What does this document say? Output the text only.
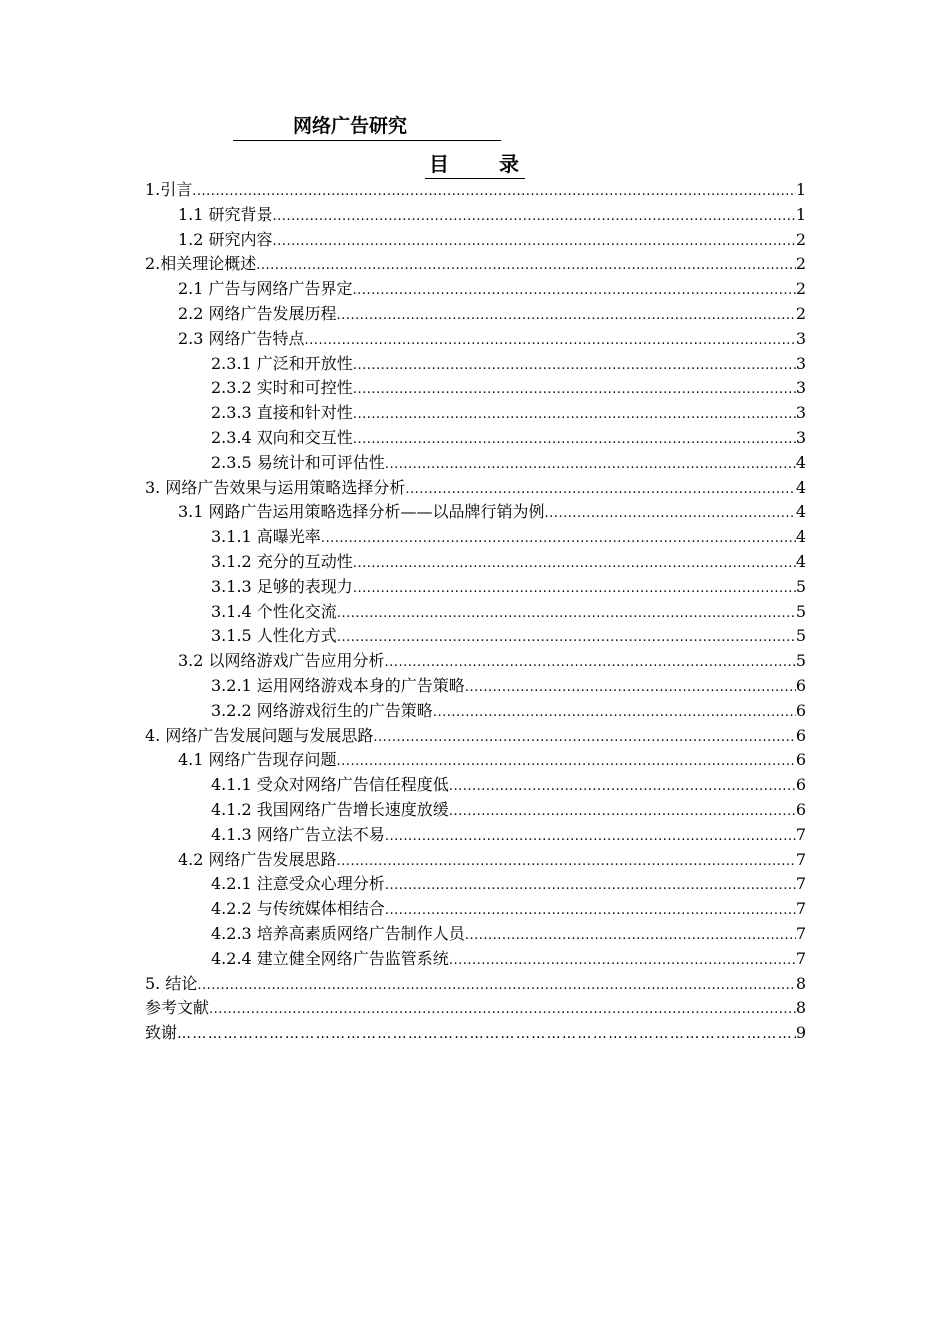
网络广告研究
目	录
1.引言 .....	1
1.1 研究背景 .....	1
1.2 研究内容 .....	2
2.相关理论概述 .....	2
2.1 广告与网络广告界定 .....	2
2.2 网络广告发展历程 .....	2
2.3 网络广告特点 .....	3
2.3.1 广泛和开放性 .....	3
2.3.2 实时和可控性 .....	3
2.3.3 直接和针对性 .....	3
2.3.4 双向和交互性 .....	3
2.3.5 易统计和可评估性 .....	4
3. 网络广告效果与运用策略选择分析 .....	4
3.1 网路广告运用策略选择分析——以品牌行销为例 .....	4
3.1.1 高曝光率 .....	4
3.1.2 充分的互动性 .....	4
3.1.3 足够的表现力 .....	5
3.1.4 个性化交流 .....	5
3.1.5 人性化方式 .....	5
3.2 以网络游戏广告应用分析 .....	5
3.2.1 运用网络游戏本身的广告策略 .....	6
3.2.2 网络游戏衍生的广告策略 .....	6
4. 网络广告发展问题与发展思路 .....	6
4.1 网络广告现存问题 .....	6
4.1.1 受众对网络广告信任程度低 .....	6
4.1.2 我国网络广告增长速度放缓 .....	6
4.1.3 网络广告立法不易 .....	7
4.2 网络广告发展思路 .....	7
4.2.1 注意受众心理分析 .....	7
4.2.2 与传统媒体相结合 .....	7
4.2.3 培养高素质网络广告制作人员 .....	7
4.2.4 建立健全网络广告监管系统 .....	7
5. 结论 .....	8
参考文献 .....	8
致谢 ………………………………………………………………………………………………………………………………………………………………………………	9
